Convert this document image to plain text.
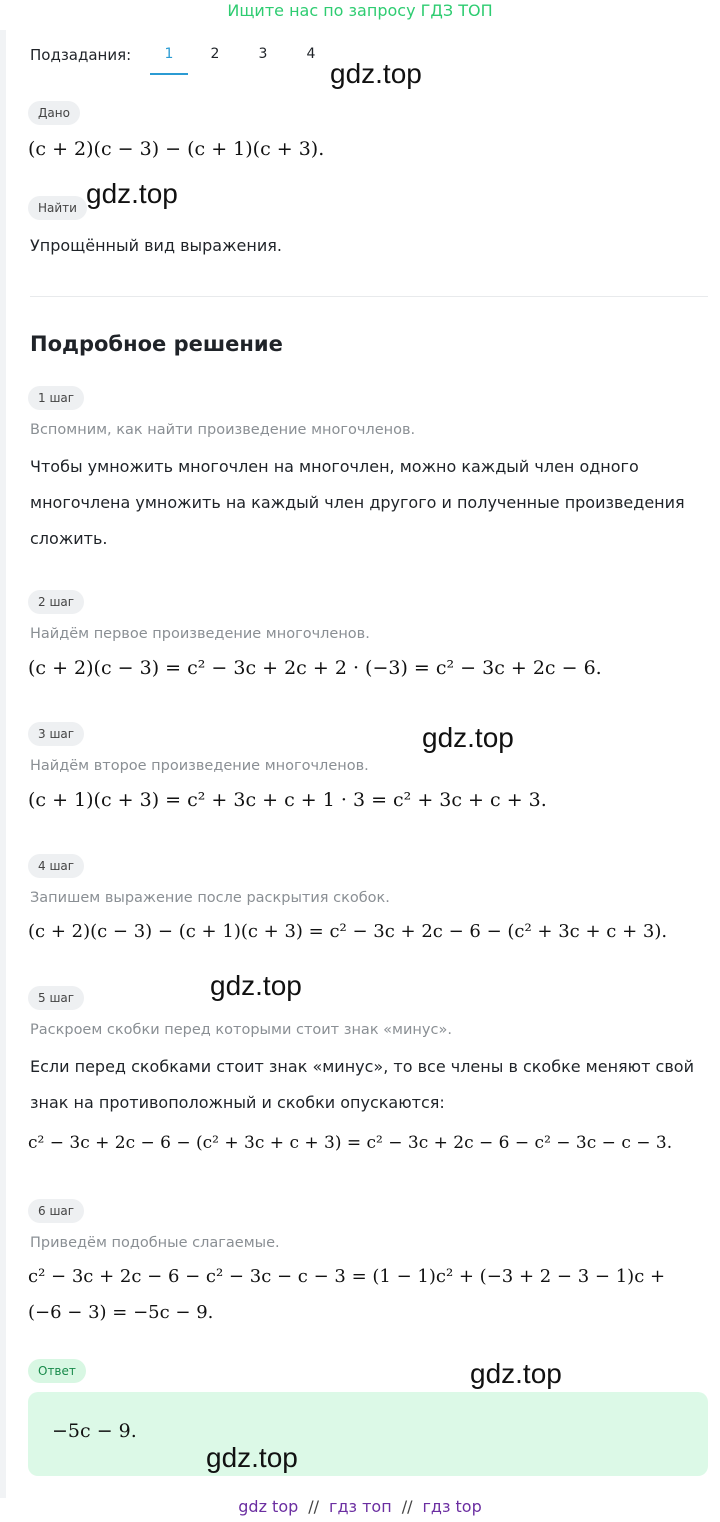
Ищите нас по запросу ГДЗ ТОП
Подзадания:	1	2	3	4
Дано
(c + 2)(c − 3) − (c + 1)(c + 3).
Найти
Упрощённый вид выражения.
Подробное решение
1 шаг
Вспомним, как найти произведение многочленов.
Чтобы умножить многочлен на многочлен, можно каждый член одного многочлена умножить на каждый член другого и полученные произведения сложить.
2 шаг
Найдём первое произведение многочленов.
(c + 2)(c − 3) = c² − 3c + 2c + 2 · (−3) = c² − 3c + 2c − 6.
3 шаг
Найдём второе произведение многочленов.
(c + 1)(c + 3) = c² + 3c + c + 1 · 3 = c² + 3c + c + 3.
4 шаг
Запишем выражение после раскрытия скобок.
(c + 2)(c − 3) − (c + 1)(c + 3) = c² − 3c + 2c − 6 − (c² + 3c + c + 3).
5 шаг
Раскроем скобки перед которыми стоит знак «минус».
Если перед скобками стоит знак «минус», то все члены в скобке меняют свой знак на противоположный и скобки опускаются:
c² − 3c + 2c − 6 − (c² + 3c + c + 3) = c² − 3c + 2c − 6 − c² − 3c − c − 3.
6 шаг
Приведём подобные слагаемые.
c² − 3c + 2c − 6 − c² − 3c − c − 3 = (1 − 1)c² + (−3 + 2 − 3 − 1)c +
(−6 − 3) = −5c − 9.
Ответ
−5c − 9.
gdz.top
gdz.top
gdz.top
gdz.top
gdz.top
gdz.top
gdz top // гдз топ // гдз top
